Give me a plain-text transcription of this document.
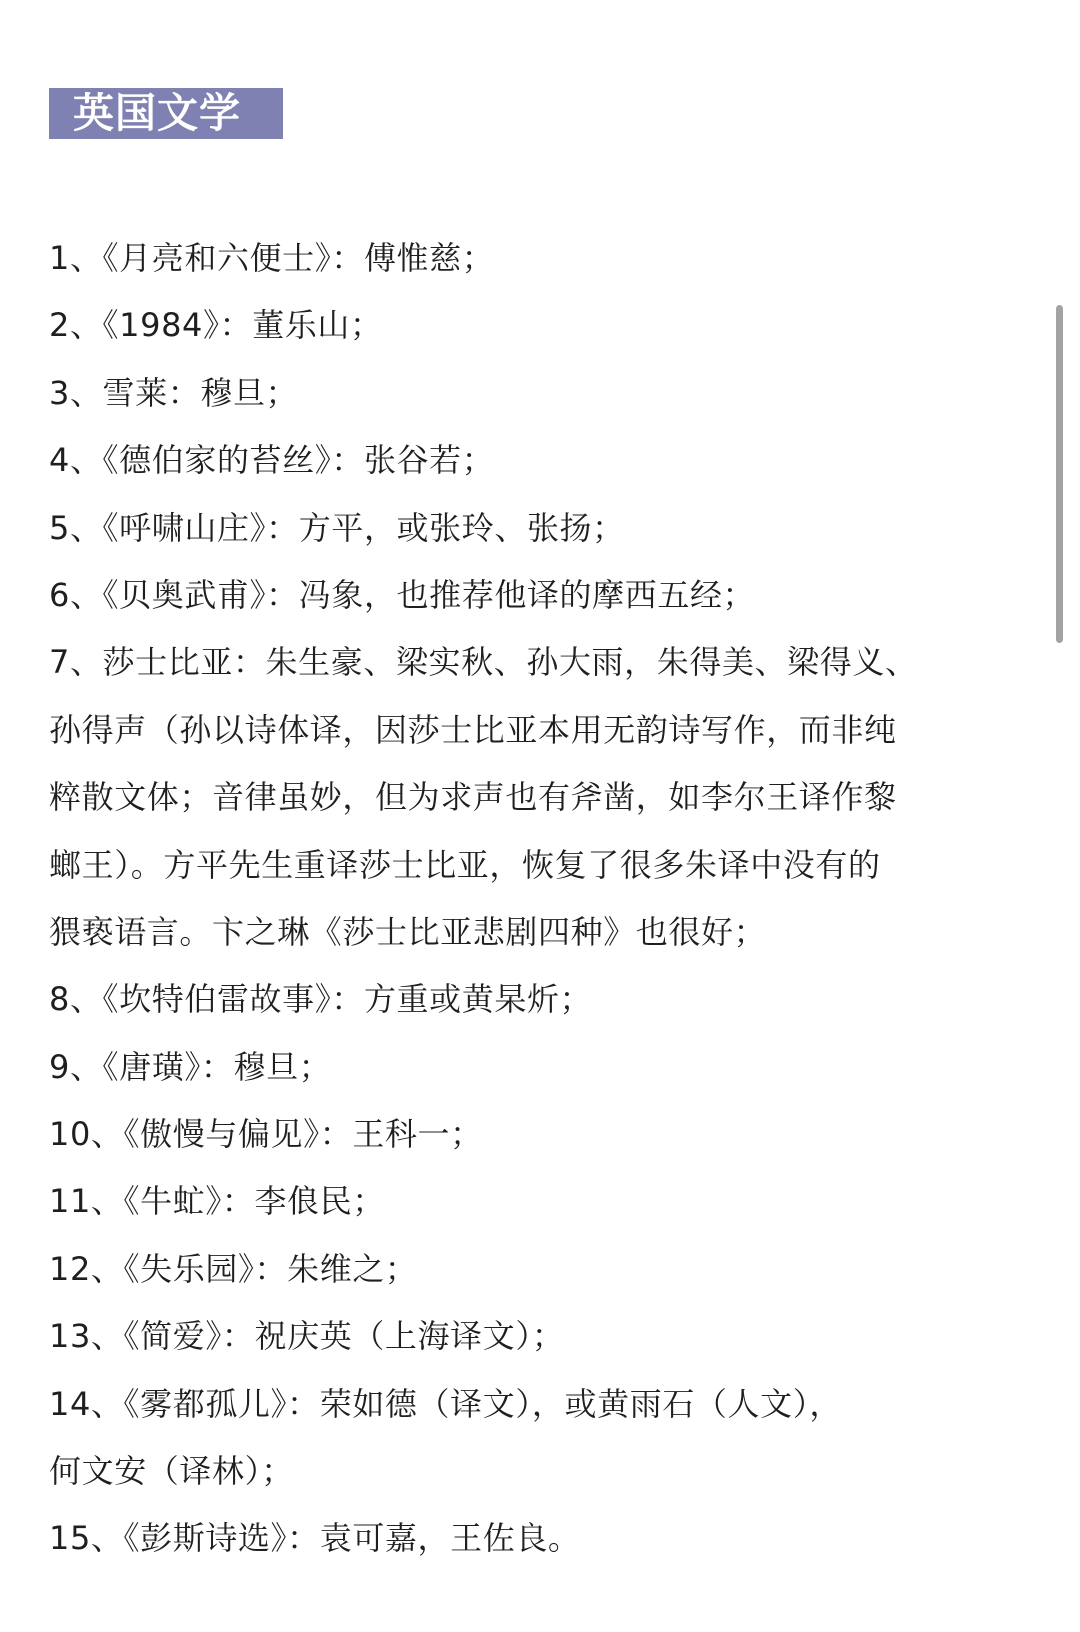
英国文学
1、《月亮和六便士》：傅惟慈；
2、《1984》：董乐山；
3、雪莱：穆旦；
4、《德伯家的苔丝》：张谷若；
5、《呼啸山庄》：方平，或张玲、张扬；
6、《贝奥武甫》：冯象，也推荐他译的摩西五经；
7、莎士比亚：朱生豪、梁实秋、孙大雨，朱得美、梁得义、
孙得声（孙以诗体译，因莎士比亚本用无韵诗写作，而非纯
粹散文体；音律虽妙，但为求声也有斧凿，如李尔王译作黎
螂王）。方平先生重译莎士比亚，恢复了很多朱译中没有的
猥亵语言。卞之琳《莎士比亚悲剧四种》也很好；
8、《坎特伯雷故事》：方重或黄杲炘；
9、《唐璜》：穆旦；
10、《傲慢与偏见》：王科一；
11、《牛虻》：李俍民；
12、《失乐园》：朱维之；
13、《简爱》：祝庆英（上海译文）；
14、《雾都孤儿》：荣如德（译文），或黄雨石（人文），
何文安（译林）；
15、《彭斯诗选》：袁可嘉，王佐良。
